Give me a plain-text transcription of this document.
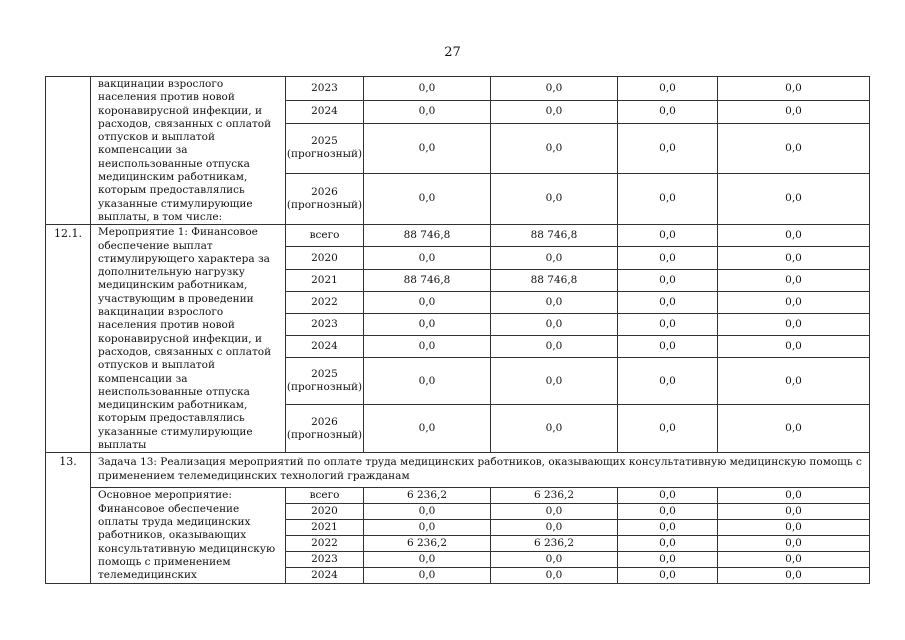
27
	вакцинации взрослого населения против новой коронавирусной инфекции, и расходов, связанных с оплатой отпусков и выплатой компенсации за неиспользованные отпуска медицинским работникам, которым предоставлялись указанные стимулирующие выплаты, в том числе:	2023	0,0	0,0	0,0	0,0

		2024	0,0	0,0	0,0	0,0

		2025
(прогнозный)	0,0	0,0	0,0	0,0

		2026
(прогнозный)	0,0	0,0	0,0	0,0
12.1.	Мероприятие 1: Финансовое обеспечение выплат стимулирующего характера за дополнительную нагрузку медицинским работникам, участвующим в проведении вакцинации взрослого населения против новой коронавирусной инфекции, и расходов, связанных с оплатой отпусков и выплатой компенсации за неиспользованные отпуска медицинским работникам, которым предоставлялись указанные стимулирующие выплаты	всего	88 746,8	88 746,8	0,0	0,0

		2020	0,0	0,0	0,0	0,0

		2021	88 746,8	88 746,8	0,0	0,0

		2022	0,0	0,0	0,0	0,0

		2023	0,0	0,0	0,0	0,0

		2024	0,0	0,0	0,0	0,0

		2025
(прогнозный)	0,0	0,0	0,0	0,0

		2026
(прогнозный)	0,0	0,0	0,0	0,0
13.	Задача 13: Реализация мероприятий по оплате труда медицинских работников, оказывающих консультативную медицинскую помощь с применением телемедицинских технологий гражданам					
	Основное мероприятие: Финансовое обеспечение оплаты труда медицинских работников, оказывающих консультативную медицинскую помощь с применением телемедицинских	всего	6 236,2	6 236,2	0,0	0,0

		2020	0,0	0,0	0,0	0,0

		2021	0,0	0,0	0,0	0,0

		2022	6 236,2	6 236,2	0,0	0,0

		2023	0,0	0,0	0,0	0,0

		2024	0,0	0,0	0,0	0,0
